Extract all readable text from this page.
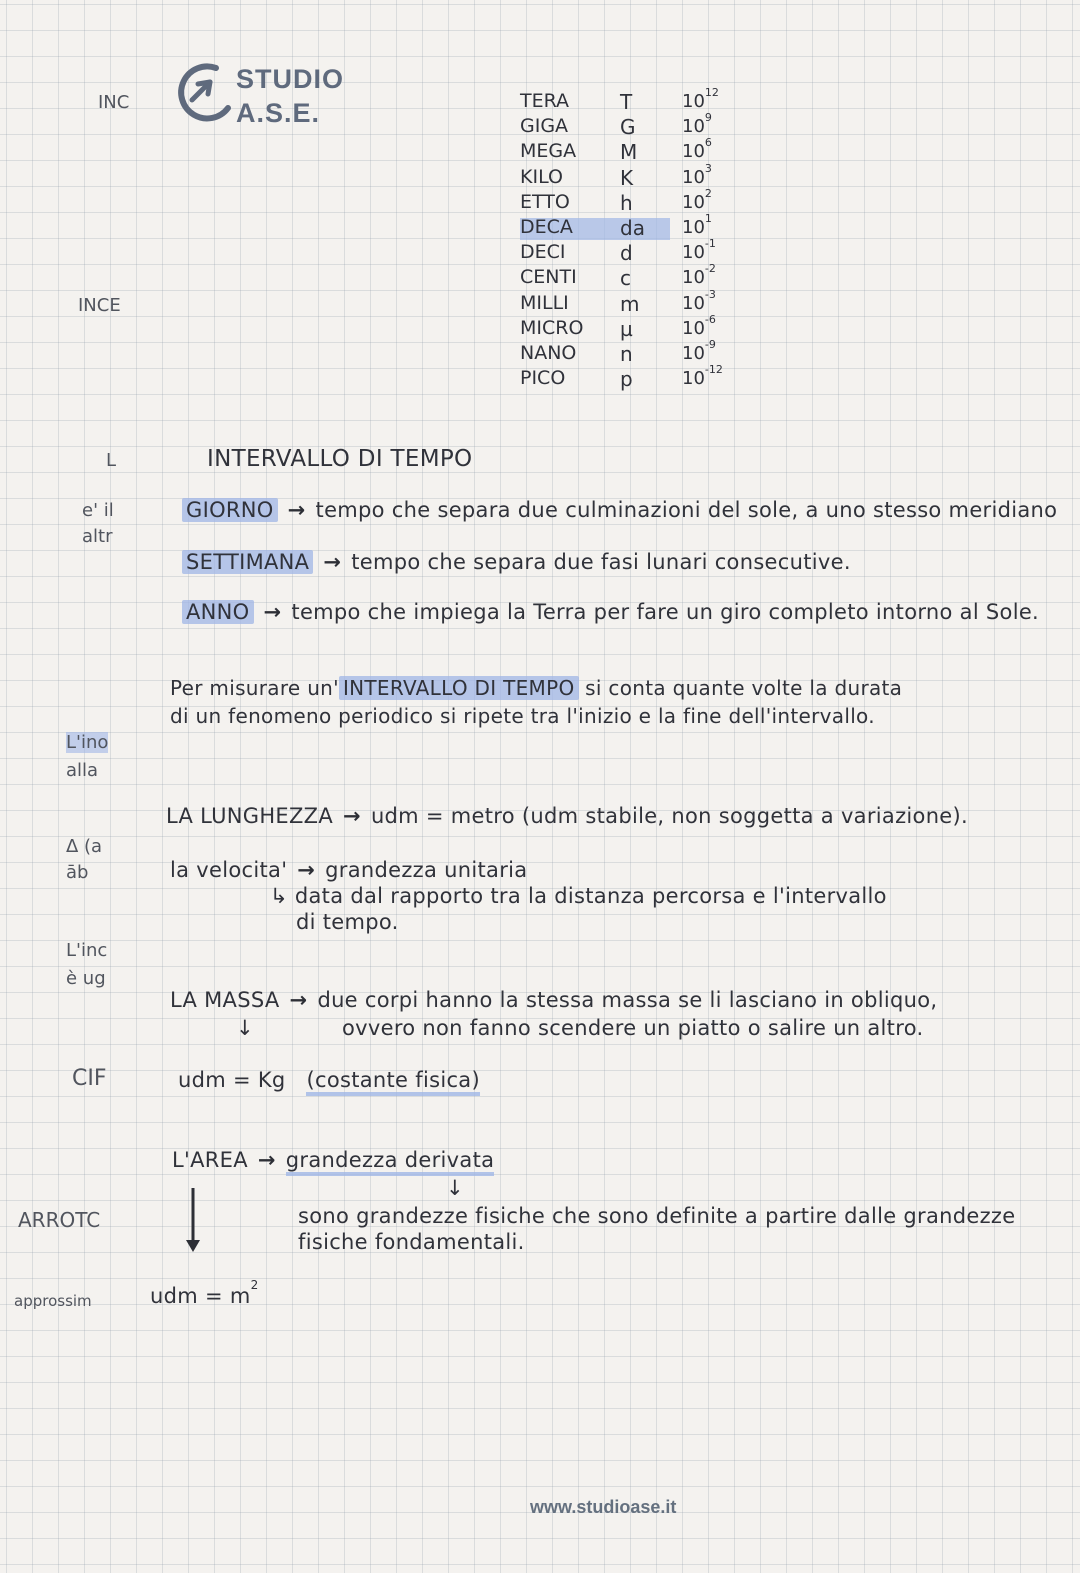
STUDIO
A.S.E.
INC
INCE
L
e' il
altr
L'ino
alla
Δ (a
āb
L'inc
è ug
CIF
ARROTC
approssim
TERA	T	$10^{12}$
GIGA	G	$10^9$
MEGA M $10^6$
KILO	K	$10^3$
ETTO	h	$10^2$
DECA da $10^1$
DECI	d	$10^{-1}$
CENTI c	$10^{-2}$
MILLI	m $10^{-3}$
MICRO µ	$10^{-6}$
NANO n	$10^{-9}$
PICO	p	$10^{-12}$
INTERVALLO DI TEMPO
GIORNO → tempo che separa due culminazioni del sole, a uno stesso meridiano
SETTIMANA → tempo che separa due fasi lunari consecutive.
ANNO → tempo che impiega la Terra per fare un giro completo intorno al Sole.
Per misurare un' INTERVALLO DI TEMPO si conta quante volte la durata
di un fenomeno periodico si ripete tra l'inizio e la fine dell'intervallo.
LA LUNGHEZZA → udm = metro (udm stabile, non soggetta a variazione).
la velocita' → grandezza unitaria
↳ data dal rapporto tra la distanza percorsa e l'intervallo
di tempo.
LA MASSA → due corpi hanno la stessa massa se li lasciano in obliquo,
↓	ovvero non fanno scendere un piatto o salire un altro.
udm = Kg (costante fisica)
L'AREA → grandezza derivata
↓
sono grandezze fisiche che sono definite a partire dalle grandezze
fisiche fondamentali.
udm = $m^2$
www.studioase.it
